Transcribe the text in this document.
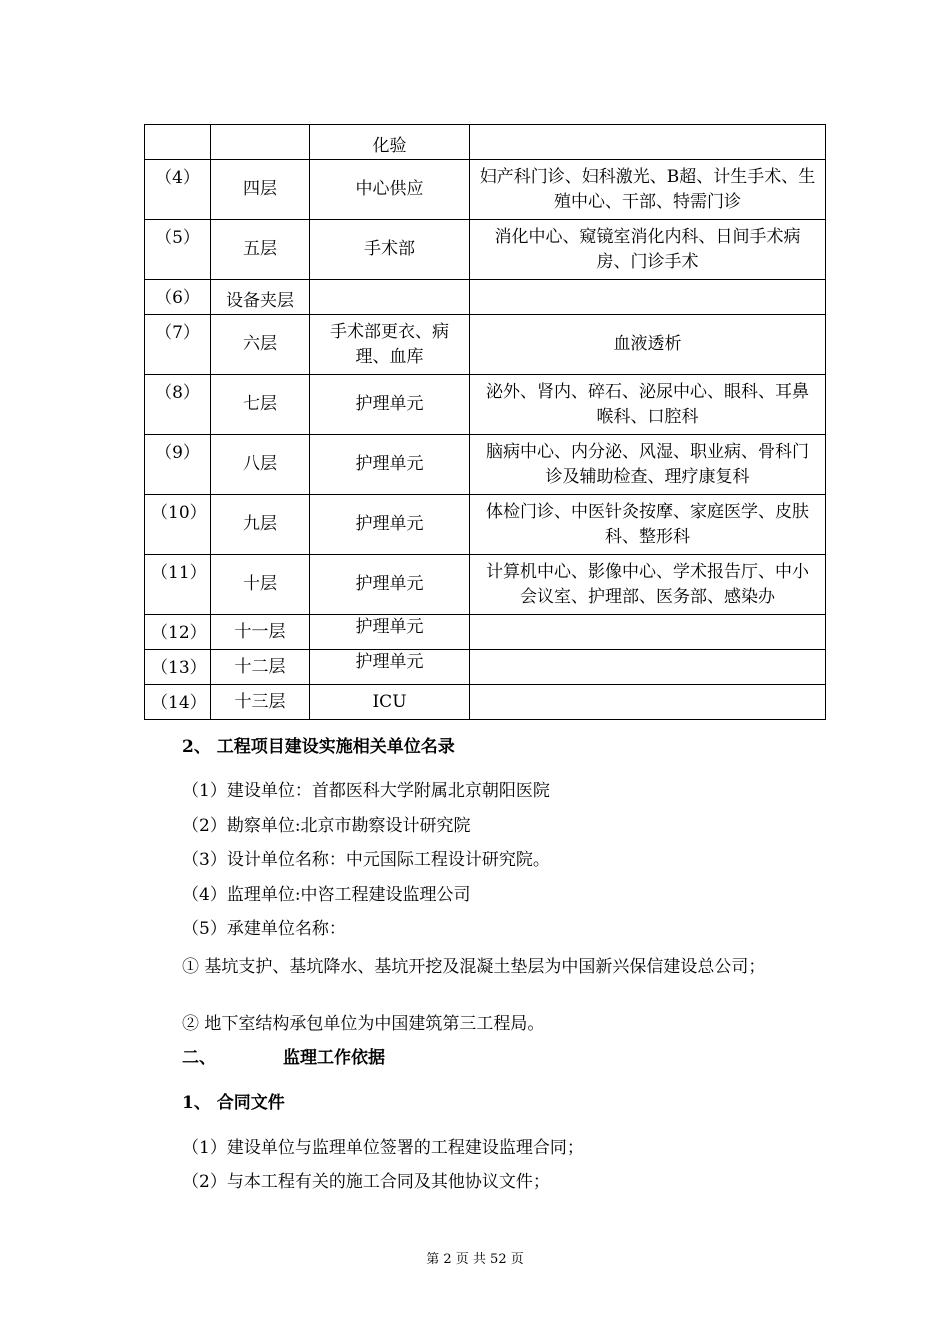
		化验	
（4）	四层	中心供应	妇产科门诊、妇科激光、B超、计生手术、生殖中心、干部、特需门诊
（5）	五层	手术部	消化中心、窥镜室消化内科、日间手术病房、门诊手术
（6）	设备夹层		
（7）	六层	手术部更衣、病理、血库	血液透析
（8）	七层	护理单元	泌外、肾内、碎石、泌尿中心、眼科、耳鼻喉科、口腔科
（9）	八层	护理单元	脑病中心、内分泌、风湿、职业病、骨科门诊及辅助检查、理疗康复科
（10）	九层	护理单元	体检门诊、中医针灸按摩、家庭医学、皮肤科、整形科
（11）	十层	护理单元	计算机中心、影像中心、学术报告厅、中小会议室、护理部、医务部、感染办
（12）	十一层	护理单元	
（13）	十二层	护理单元	
（14）	十三层	ICU	
2、 工程项目建设实施相关单位名录
（1）建设单位：首都医科大学附属北京朝阳医院
（2）勘察单位:北京市勘察设计研究院
（3）设计单位名称：中元国际工程设计研究院。
（4）监理单位:中咨工程建设监理公司
（5）承建单位名称：
① 基坑支护、基坑降水、基坑开挖及混凝土垫层为中国新兴保信建设总公司；
② 地下室结构承包单位为中国建筑第三工程局。
二、	监理工作依据
1、 合同文件
（1）建设单位与监理单位签署的工程建设监理合同；
（2）与本工程有关的施工合同及其他协议文件；
第 2 页 共 52 页
